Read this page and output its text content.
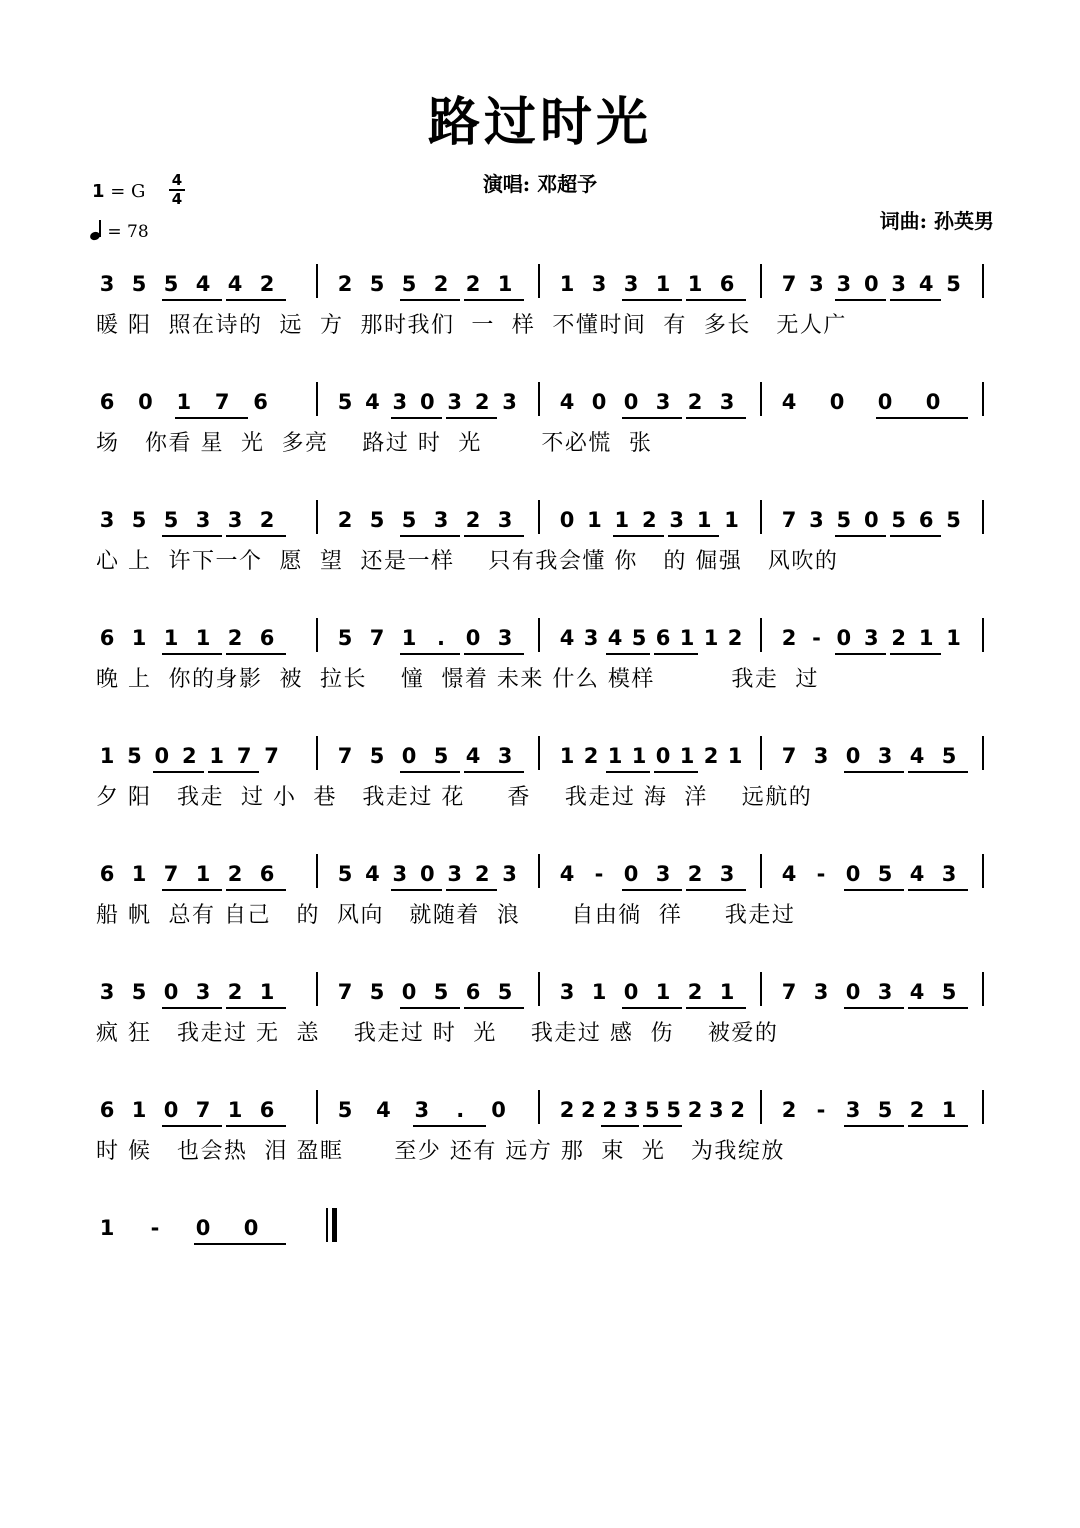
路过时光
演唱: 邓超予
词曲: 孙英男
1 = G
4
4
= 78
3 5 5 4 4 2	2 5 5 2 2 1 1 3 3 1 1 6 7 3 3 0 3 4 5
暖 阳  照在诗的  远  方  那时我们  一  样  不懂时间  有  多长   无人广
6 0 1 7 6	5 4 3 0 3 2 3 4 0 0 3 2 3 4 0 0 0
场   你看 星  光  多亮    路过 时  光       不必慌  张
3 5 5 3 3 2	2 5 5 3 2 3 0 1 1 2 3 1 1 7 3 5 0 5 6 5
心 上  许下一个  愿  望  还是一样    只有我会懂 你   的 倔强   风吹的
6 1 1 1 2 6	5 7 1 . 0 3 4 3 4 5 6 1 1 2 2 - 0 3 2 1 1
晚 上  你的身影  被  拉长    憧  憬着 未来 什么 模样         我走  过
1 5 0 2 1 7 7	7 5 0 5 4 3 1 2 1 1 0 1 2 1 7 3 0 3 4 5
夕 阳   我走  过 小  巷   我走过 花     香    我走过 海  洋    远航的
6 1 7 1 2 6	5 4 3 0 3 2 3 4 - 0 3 2 3 4 - 0 5 4 3
船 帆  总有 自己   的  风向   就随着  浪      自由徜  徉     我走过
3 5 0 3 2 1	7 5 0 5 6 5 3 1 0 1 2 1 7 3 0 3 4 5
疯 狂   我走过 无  恙    我走过 时  光    我走过 感  伤    被爱的
6 1 0 7 1 6	5 4 3 . 0	2 2 2 3 5 5 2 3 2 2 - 3 5 2 1
时 候   也会热  泪 盈眶      至少 还有 远方 那  束  光   为我绽放
1 - 0 0
